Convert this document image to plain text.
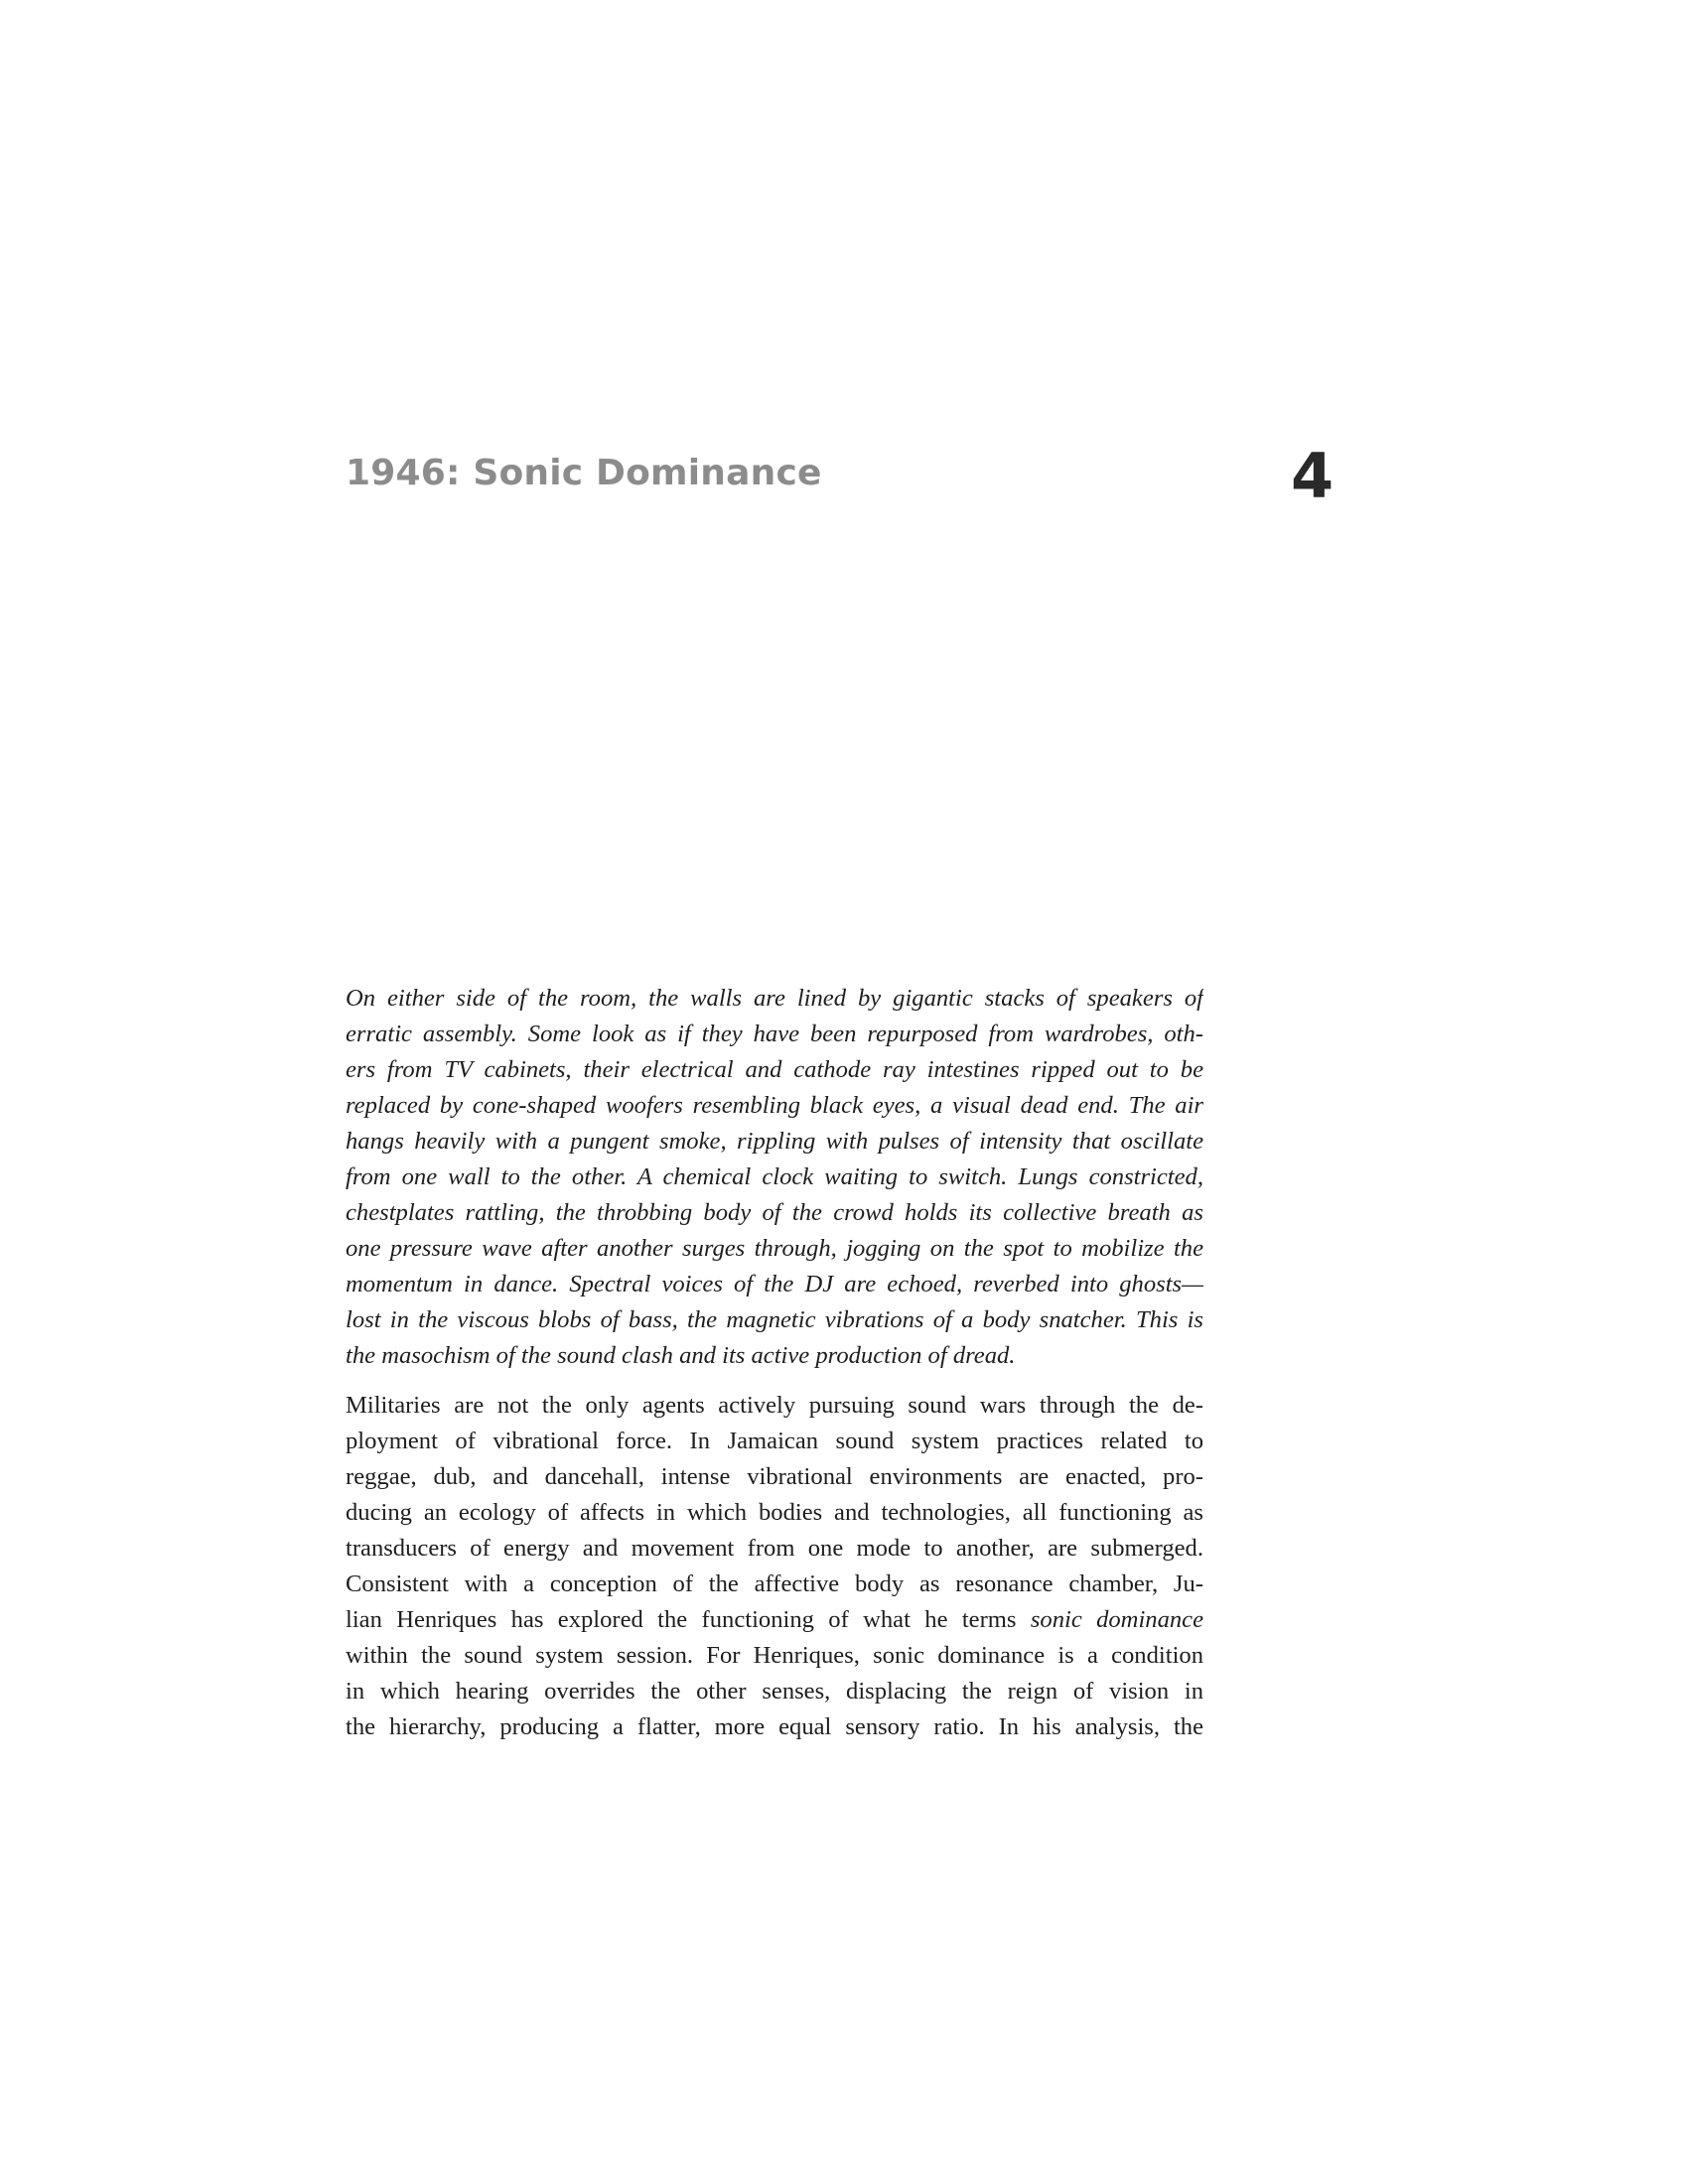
1946: Sonic Dominance	4
On either side of the room, the walls are lined by gigantic stacks of speakers of
erratic assembly. Some look as if they have been repurposed from wardrobes, oth-
ers from TV cabinets, their electrical and cathode ray intestines ripped out to be
replaced by cone-shaped woofers resembling black eyes, a visual dead end. The air
hangs heavily with a pungent smoke, rippling with pulses of intensity that oscillate
from one wall to the other. A chemical clock waiting to switch. Lungs constricted,
chestplates rattling, the throbbing body of the crowd holds its collective breath as
one pressure wave after another surges through, jogging on the spot to mobilize the
momentum in dance. Spectral voices of the DJ are echoed, reverbed into ghosts—
lost in the viscous blobs of bass, the magnetic vibrations of a body snatcher. This is
the masochism of the sound clash and its active production of dread.
Militaries are not the only agents actively pursuing sound wars through the de-
ployment of vibrational force. In Jamaican sound system practices related to
reggae, dub, and dancehall, intense vibrational environments are enacted, pro-
ducing an ecology of affects in which bodies and technologies, all functioning as
transducers of energy and movement from one mode to another, are submerged.
Consistent with a conception of the affective body as resonance chamber, Ju-
lian Henriques has explored the functioning of what he terms sonic dominance
within the sound system session. For Henriques, sonic dominance is a condition
in which hearing overrides the other senses, displacing the reign of vision in
the hierarchy, producing a flatter, more equal sensory ratio. In his analysis, the
